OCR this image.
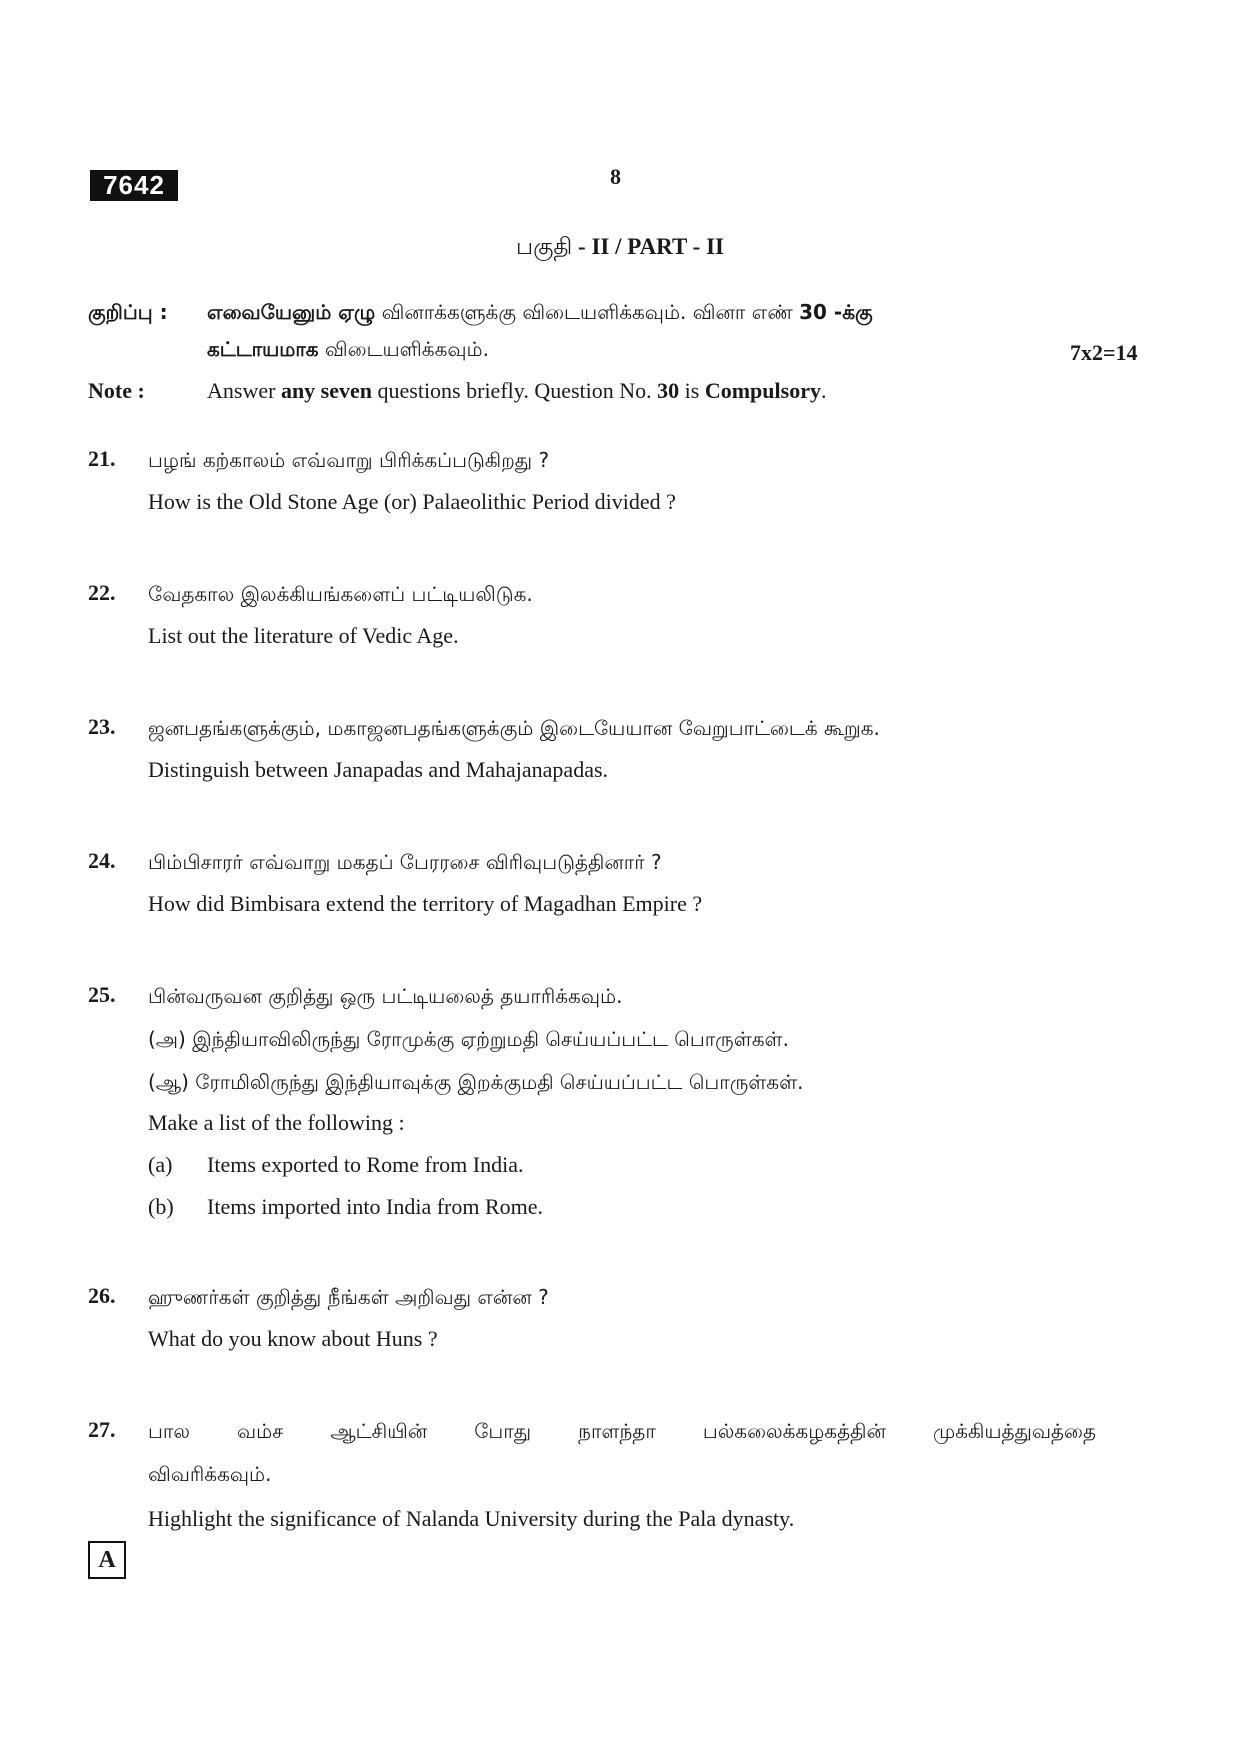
7642	8
பகுதி - II / PART - II
குறிப்பு : எவையேனும் ஏழு வினாக்களுக்கு விடையளிக்கவும். வினா எண் 30 -க்கு
கட்டாயமாக விடையளிக்கவும்.	7x2=14
Note :	Answer any seven questions briefly. Question No. 30 is Compulsory.
21. பழங் கற்காலம் எவ்வாறு பிரிக்கப்படுகிறது ?
How is the Old Stone Age (or) Palaeolithic Period divided ?
22. வேதகால இலக்கியங்களைப் பட்டியலிடுக.
List out the literature of Vedic Age.
23. ஜனபதங்களுக்கும், மகாஜனபதங்களுக்கும் இடையேயான வேறுபாட்டைக் கூறுக.
Distinguish between Janapadas and Mahajanapadas.
24. பிம்பிசாரர் எவ்வாறு மகதப் பேரரசை விரிவுபடுத்தினார் ?
How did Bimbisara extend the territory of Magadhan Empire ?
25. பின்வருவன குறித்து ஒரு பட்டியலைத் தயாரிக்கவும்.
(அ) இந்தியாவிலிருந்து ரோமுக்கு ஏற்றுமதி செய்யப்பட்ட பொருள்கள்.
(ஆ) ரோமிலிருந்து இந்தியாவுக்கு இறக்குமதி செய்யப்பட்ட பொருள்கள்.
Make a list of the following :
(a) Items exported to Rome from India.
(b) Items imported into India from Rome.
26. ஹுணர்கள் குறித்து நீங்கள் அறிவது என்ன ?
What do you know about Huns ?
27. பால வம்ச ஆட்சியின் போது நாளந்தா பல்கலைக்கழகத்தின் முக்கியத்துவத்தை
விவரிக்கவும்.
Highlight the significance of Nalanda University during the Pala dynasty.
A
